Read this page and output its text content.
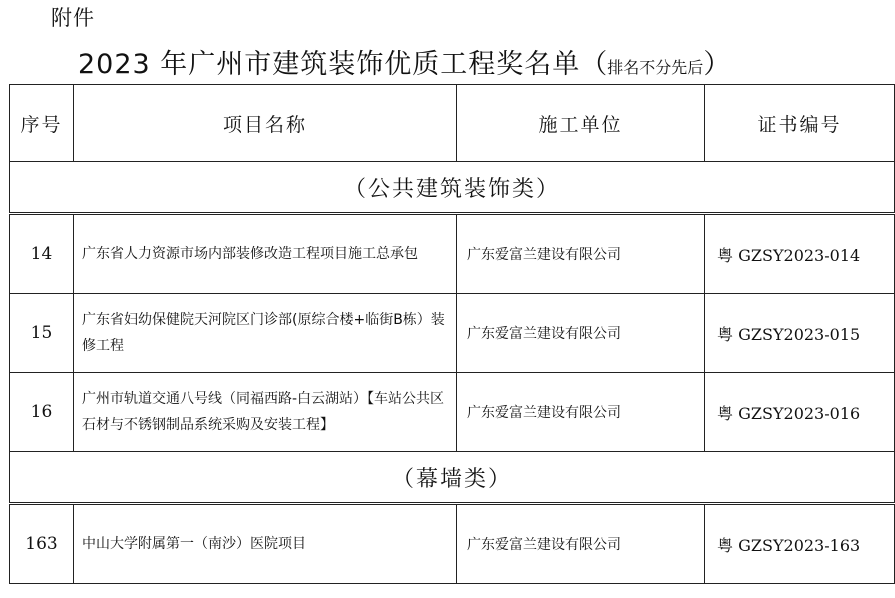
附件
2023 年广州市建筑装饰优质工程奖名单（排名不分先后）
序号	项目名称	施工单位	证书编号
（公共建筑装饰类）			
14	广东省人力资源市场内部装修改造工程项目施工总承包	广东爱富兰建设有限公司	粤 GZSY2023-014
15	广东省妇幼保健院天河院区门诊部(原综合楼+临街B栋）装修工程	广东爱富兰建设有限公司	粤 GZSY2023-015
16	广州市轨道交通八号线（同福西路-白云湖站）【车站公共区石材与不锈钢制品系统采购及安装工程】	广东爱富兰建设有限公司	粤 GZSY2023-016
（幕墙类）			
163	中山大学附属第一（南沙）医院项目	广东爱富兰建设有限公司	粤 GZSY2023-163
